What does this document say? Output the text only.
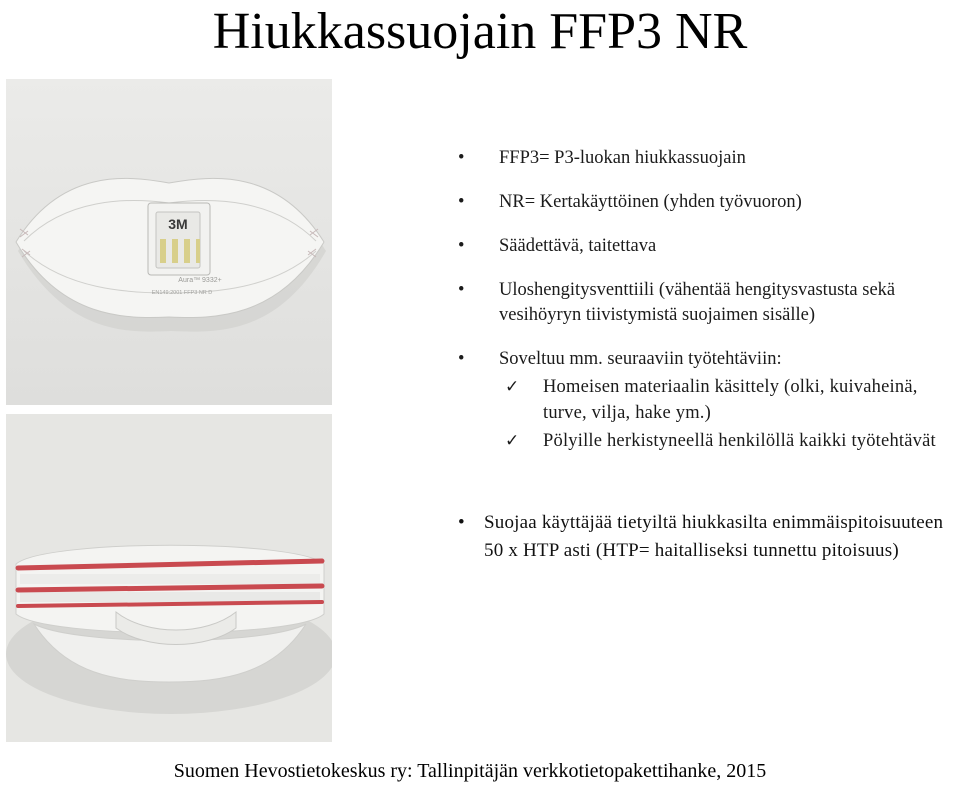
Hiukkassuojain FFP3 NR
3M
Aura™ 9332+
EN149:2001 FFP3 NR D
• FFP3= P3-luokan hiukkassuojain
• NR= Kertakäyttöinen (yhden työvuoron)
• Säädettävä, taitettava
• Uloshengitysventtiili (vähentää hengitysvastusta sekä vesihöyryn tiivistymistä suojaimen sisälle)
• Soveltuu mm. seuraaviin työtehtäviin:
✓ Homeisen materiaalin käsittely (olki, kuivaheinä, turve, vilja, hake ym.)
✓ Pölyille herkistyneellä henkilöllä kaikki työtehtävät
•	Suojaa käyttäjää tietyiltä hiukkasilta enimmäispitoisuuteen 50 x HTP asti (HTP= haitalliseksi tunnettu pitoisuus)
Suomen Hevostietokeskus ry: Tallinpitäjän verkkotietopakettihanke, 2015
